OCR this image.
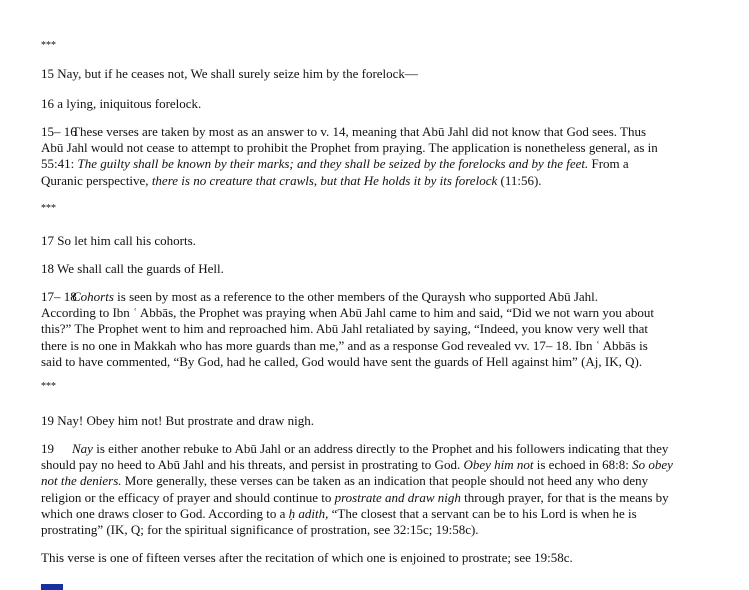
***
15 Nay, but if he ceases not, We shall surely seize him by the forelock—
16 a lying, iniquitous forelock.
15– 16These verses are taken by most as an answer to v. 14, meaning that Abū Jahl did not know that God sees. Thus
Abū Jahl would not cease to attempt to prohibit the Prophet from praying. The application is nonetheless general, as in
55:41: The guilty shall be known by their marks; and they shall be seized by the forelocks and by the feet. From a
Quranic perspective, there is no creature that crawls, but that He holds it by its forelock (11:56).
***
17 So let him call his cohorts.
18 We shall call the guards of Hell.
17– 18Cohorts is seen by most as a reference to the other members of the Quraysh who supported Abū Jahl.
According to Ibn ʿ Abbās, the Prophet was praying when Abū Jahl came to him and said, “Did we not warn you about
this?” The Prophet went to him and reproached him. Abū Jahl retaliated by saying, “Indeed, you know very well that
there is no one in Makkah who has more guards than me,” and as a response God revealed vv. 17– 18. Ibn ʿ Abbās is
said to have commented, “By God, had he called, God would have sent the guards of Hell against him” (Aj, IK, Q).
***
19 Nay! Obey him not! But prostrate and draw nigh.
19 Nay is either another rebuke to Abū Jahl or an address directly to the Prophet and his followers indicating that they
should pay no heed to Abū Jahl and his threats, and persist in prostrating to God. Obey him not is echoed in 68:8: So obey
not the deniers. More generally, these verses can be taken as an indication that people should not heed any who deny
religion or the efficacy of prayer and should continue to prostrate and draw nigh through prayer, for that is the means by
which one draws closer to God. According to a ḥ adith, “The closest that a servant can be to his Lord is when he is
prostrating” (IK, Q; for the spiritual significance of prostration, see 32:15c; 19:58c).
This verse is one of fifteen verses after the recitation of which one is enjoined to prostrate; see 19:58c.
